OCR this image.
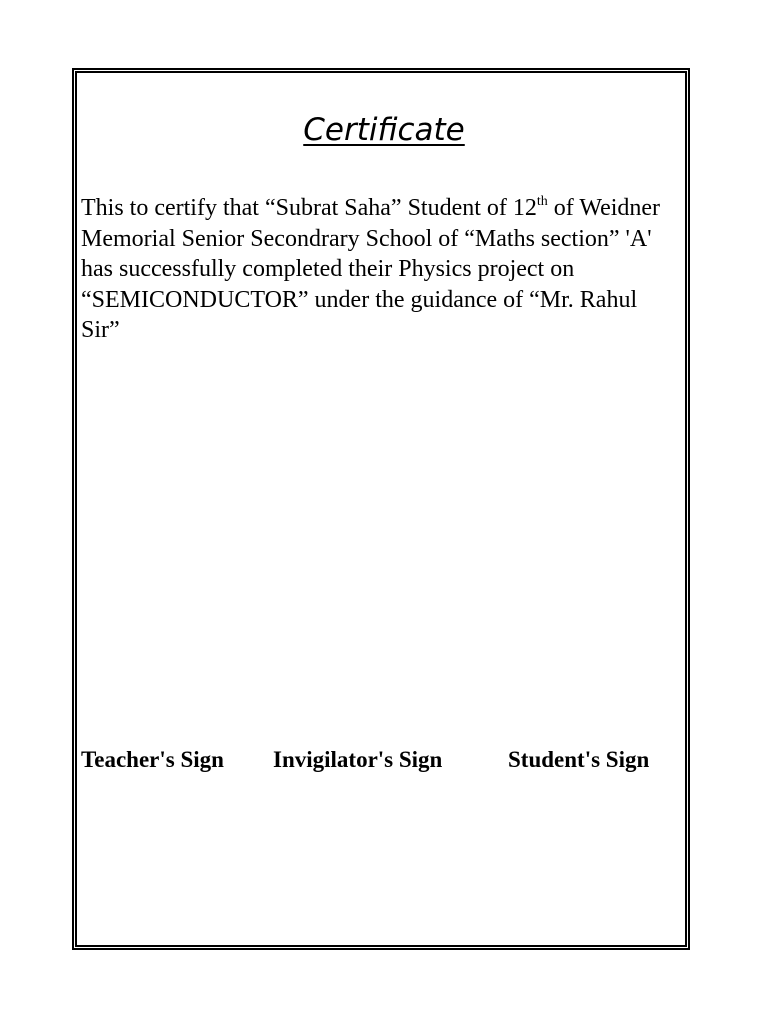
Certificate

This to certify that “Subrat Saha” Student of 12th of Weidner Memorial Senior Secondrary School of “Maths section” 'A' has successfully completed their Physics project on “SEMICONDUCTOR” under the guidance of “Mr. Rahul Sir”

Teacher's Sign Invigilator's Sign	Student's Sign
